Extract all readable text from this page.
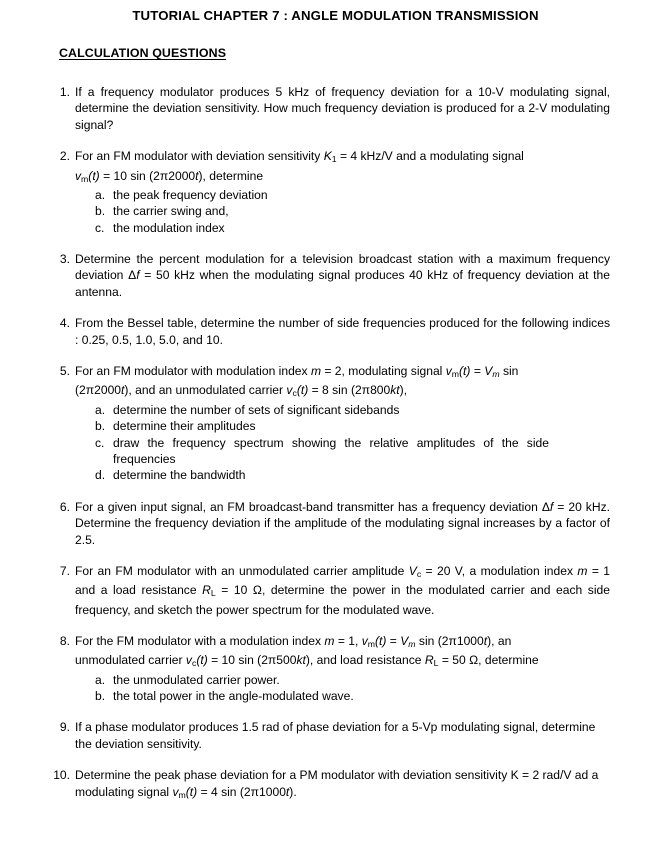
TUTORIAL CHAPTER 7 : ANGLE MODULATION TRANSMISSION
CALCULATION QUESTIONS
1. If a frequency modulator produces 5 kHz of frequency deviation for a 10-V modulating signal, determine the deviation sensitivity. How much frequency deviation is produced for a 2-V modulating signal?
2. For an FM modulator with deviation sensitivity $K_1 = 4$ kHz/V and a modulating signal
$v_m(t) = 10$ sin (2π2000t), determine
a. the peak frequency deviation
b. the carrier swing and,
c. the modulation index
3. Determine the percent modulation for a television broadcast station with a maximum frequency deviation Δf = 50 kHz when the modulating signal produces 40 kHz of frequency deviation at the antenna.
4. From the Bessel table, determine the number of side frequencies produced for the following indices : 0.25, 0.5, 1.0, 5.0, and 10.
5. For an FM modulator with modulation index m = 2, modulating signal $v_m(t) = V_m$ sin
(2π2000t), and an unmodulated carrier $v_c(t) = 8$ sin (2π800kt),
a. determine the number of sets of significant sidebands
b. determine their amplitudes
c. draw the frequency spectrum showing the relative amplitudes of the side frequencies
d. determine the bandwidth
6. For a given input signal, an FM broadcast-band transmitter has a frequency deviation Δf = 20 kHz. Determine the frequency deviation if the amplitude of the modulating signal increases by a factor of 2.5.
7. For an FM modulator with an unmodulated carrier amplitude $V_c = 20$ V, a modulation index m = 1 and a load resistance $R_L = 10$ Ω, determine the power in the modulated carrier and each side frequency, and sketch the power spectrum for the modulated wave.
8. For the FM modulator with a modulation index m = 1, $v_m(t) = V_m$ sin (2π1000t), an
unmodulated carrier $v_c(t) = 10$ sin (2π500kt), and load resistance $R_L = 50$ Ω, determine
a. the unmodulated carrier power.
b. the total power in the angle-modulated wave.
9. If a phase modulator produces 1.5 rad of phase deviation for a 5-Vp modulating signal, determine the deviation sensitivity.
10. Determine the peak phase deviation for a PM modulator with deviation sensitivity K = 2 rad/V ad a modulating signal $v_m(t) = 4$ sin (2π1000t).
